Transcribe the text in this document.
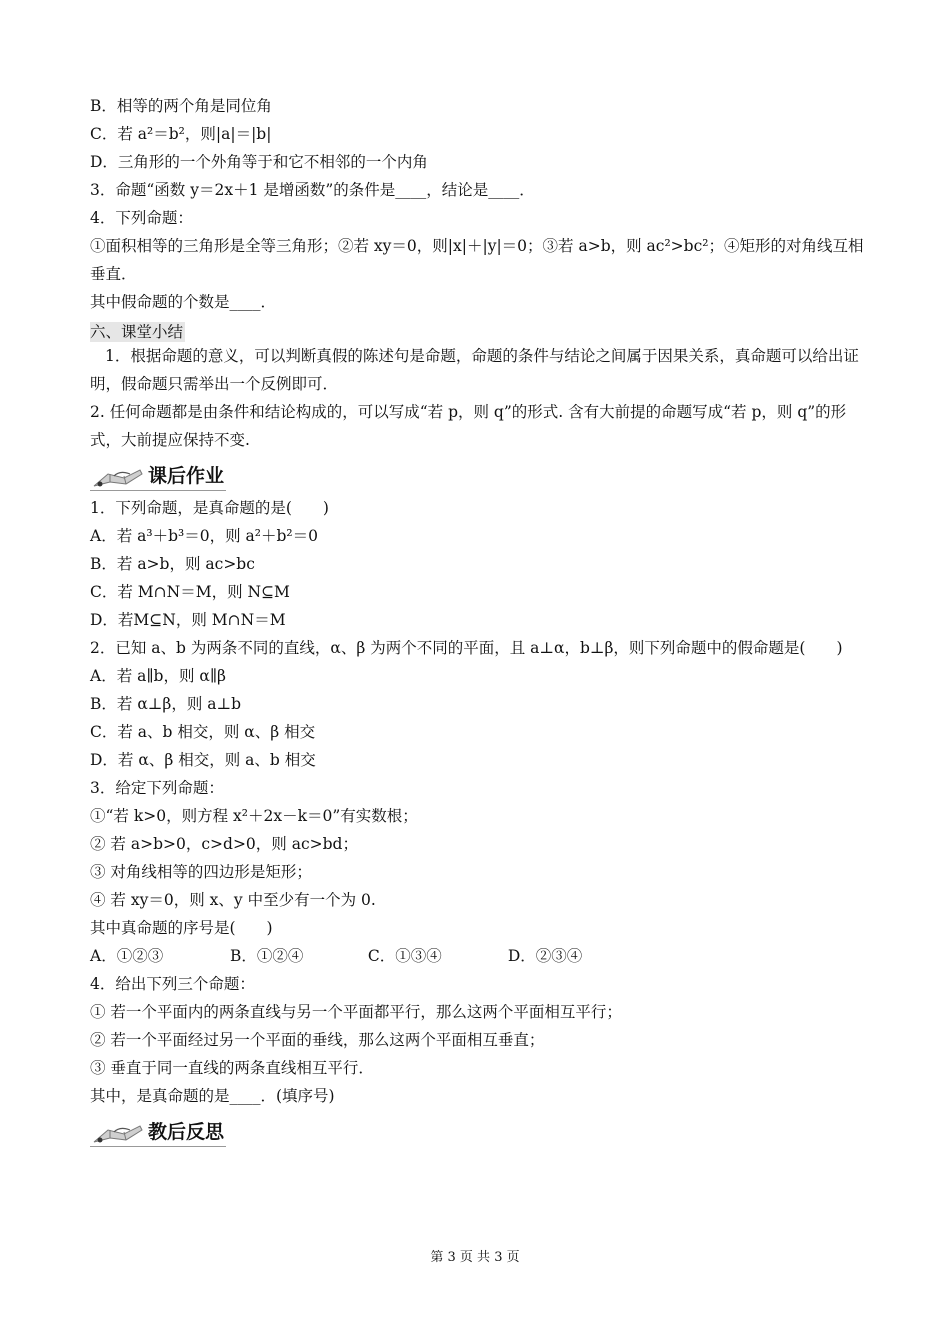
B．相等的两个角是同位角
C．若 a²＝b²，则|a|＝|b|
D．三角形的一个外角等于和它不相邻的一个内角
3．命题“函数 y＝2x＋1 是增函数”的条件是____，结论是____．
4．下列命题：
①面积相等的三角形是全等三角形；②若 xy＝0，则|x|＋|y|＝0；③若 a>b，则 ac²>bc²；④矩形的对角线互相垂直．
其中假命题的个数是____．
六、课堂小结
1．根据命题的意义，可以判断真假的陈述句是命题，命题的条件与结论之间属于因果关系，真命题可以给出证明，假命题只需举出一个反例即可．
2. 任何命题都是由条件和结论构成的，可以写成“若 p，则 q”的形式. 含有大前提的命题写成“若 p，则 q”的形式，大前提应保持不变.
课后作业
1．下列命题，是真命题的是(　　)
A．若 a³＋b³＝0，则 a²＋b²＝0
B．若 a>b，则 ac>bc
C．若 M∩N＝M，则 N⊆M
D．若M⊆N，则 M∩N＝M
2．已知 a、b 为两条不同的直线，α、β 为两个不同的平面，且 a⊥α，b⊥β，则下列命题中的假命题是(　　)
A．若 a∥b，则 α∥β
B．若 α⊥β，则 a⊥b
C．若 a、b 相交，则 α、β 相交
D．若 α、β 相交，则 a、b 相交
3．给定下列命题：
①“若 k>0，则方程 x²＋2x－k＝0”有实数根；
② 若 a>b>0，c>d>0，则 ac>bd；
③ 对角线相等的四边形是矩形；
④ 若 xy＝0，则 x、y 中至少有一个为 0.
其中真命题的序号是(　　)
A．①②③	B．①②④	C．①③④	D．②③④
4．给出下列三个命题：
① 若一个平面内的两条直线与另一个平面都平行，那么这两个平面相互平行；
② 若一个平面经过另一个平面的垂线，那么这两个平面相互垂直；
③ 垂直于同一直线的两条直线相互平行．
其中，是真命题的是____．(填序号)
教后反思
第 3 页 共 3 页
